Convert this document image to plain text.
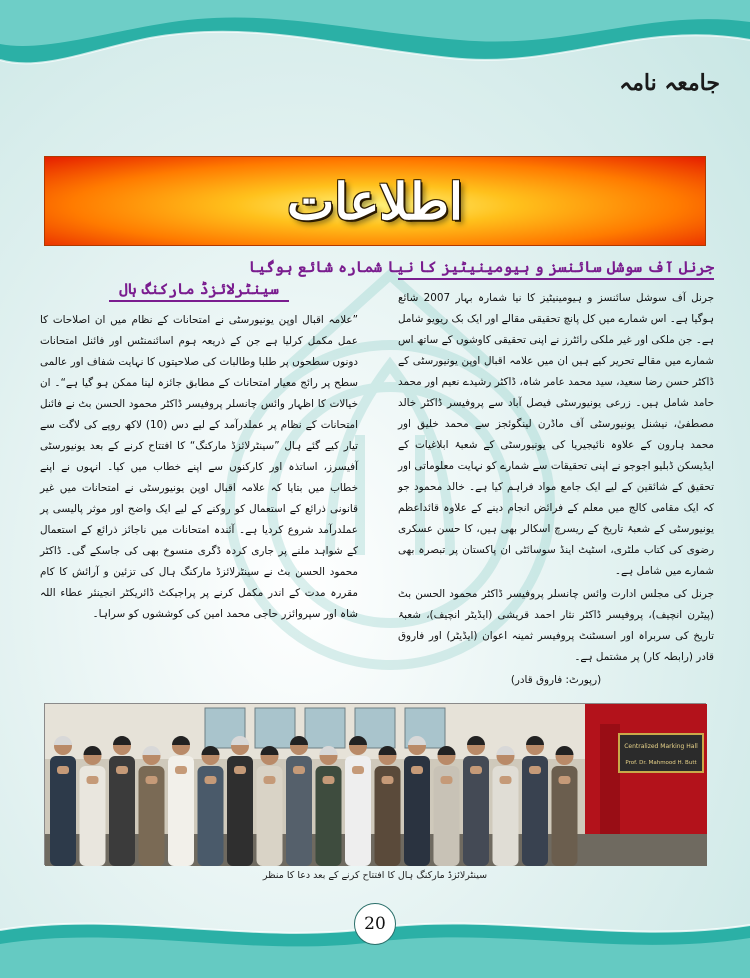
جامعہ نامہ
اطلاعات
جرنل آف سوشل سائنسز و ہیومینیٹیز کا نیا شمارہ شائع ہوگیا

جرنل آف سوشل سائنسز و ہیومینیٹیز کا نیا شمارہ بہار 2007 شائع ہوگیا ہے۔ اس شمارے میں کل پانچ تحقیقی مقالے اور ایک بک ریویو شامل ہے۔ جن ملکی اور غیر ملکی رائٹرز نے اپنی تحقیقی کاوشوں کے ساتھ اس شمارے میں مقالے تحریر کیے ہیں ان میں علامہ اقبال اوپن یونیورسٹی کے ڈاکٹر حسن رضا سعید، سید محمد عامر شاہ، ڈاکٹر رشیدے نعیم اور محمد حامد شامل ہیں۔ زرعی یونیورسٹی فیصل آباد سے پروفیسر ڈاکٹر خالد مصطفیٰ، نیشنل یونیورسٹی آف ماڈرن لینگوئجز سے محمد خلیق اور محمد ہارون کے علاوہ نائیجیریا کی یونیورسٹی کے شعبۂ ابلاغیات کے ایڈیسکن ڈبلیو اجوجو نے اپنی تحقیقات سے شمارے کو نہایت معلوماتی اور تحقیق کے شائقین کے لیے ایک جامع مواد فراہم کیا ہے۔ خالد محمود جو کہ ایک مقامی کالج میں معلم کے فرائض انجام دینے کے علاوہ قائداعظم یونیورسٹی کے شعبۂ تاریخ کے ریسرچ اسکالر بھی ہیں، کا حسن عسکری رضوی کی کتاب ملٹری، اسٹیٹ اینڈ سوسائٹی ان پاکستان پر تبصرہ بھی شمارے میں شامل ہے۔

جرنل کی مجلس ادارت وائس چانسلر پروفیسر ڈاکٹر محمود الحسن بٹ (پیٹرن انچیف)، پروفیسر ڈاکٹر نثار احمد قریشی (ایڈیٹر انچیف)، شعبۂ تاریخ کی سربراہ اور اسسٹنٹ پروفیسر ثمینہ اعوان (ایڈیٹر) اور فاروق قادر (رابطہ کار) پر مشتمل ہے۔

(رپورٹ: فاروق قادر)
سینٹرلائزڈ مارکنگ ہال

”علامہ اقبال اوپن یونیورسٹی نے امتحانات کے نظام میں ان اصلاحات کا عمل مکمل کرلیا ہے جن کے ذریعہ ہوم اسائنمنٹس اور فائنل امتحانات دونوں سطحوں پر طلبا وطالبات کی صلاحیتوں کا نہایت شفاف اور عالمی سطح پر رائج معیار امتحانات کے مطابق جائزہ لینا ممکن ہو گیا ہے“۔ ان خیالات کا اظہار وائس چانسلر پروفیسر ڈاکٹر محمود الحسن بٹ نے فائنل امتحانات کے نظام پر عملدرآمد کے لیے دس (10) لاکھ روپے کی لاگت سے تیار کیے گئے ہال ”سینٹرلائزڈ مارکنگ“ کا افتتاح کرنے کے بعد یونیورسٹی آفیسرز، اساتذہ اور کارکنوں سے اپنے خطاب میں کیا۔ انہوں نے اپنے خطاب میں بتایا کہ علامہ اقبال اوپن یونیورسٹی نے امتحانات میں غیر قانونی ذرائع کے استعمال کو روکنے کے لیے ایک واضح اور موثر پالیسی پر عملدرآمد شروع کردیا ہے۔ آئندہ امتحانات میں ناجائز ذرائع کے استعمال کے شواہد ملنے پر جاری کردہ ڈگری منسوخ بھی کی جاسکے گی۔ ڈاکٹر محمود الحسن بٹ نے سینٹرلائزڈ مارکنگ ہال کی تزئین و آرائش کا کام مقررہ مدت کے اندر مکمل کرنے پر پراجیکٹ ڈائریکٹر انجینئر عطاء اللہ شاہ اور سپروائزر حاجی محمد امین کی کوششوں کو سراہا۔

Centralized Marking Hall
Prof. Dr. Mahmood H. Butt
سینٹرلائزڈ مارکنگ ہال کا افتتاح کرنے کے بعد دعا کا منظر
20
